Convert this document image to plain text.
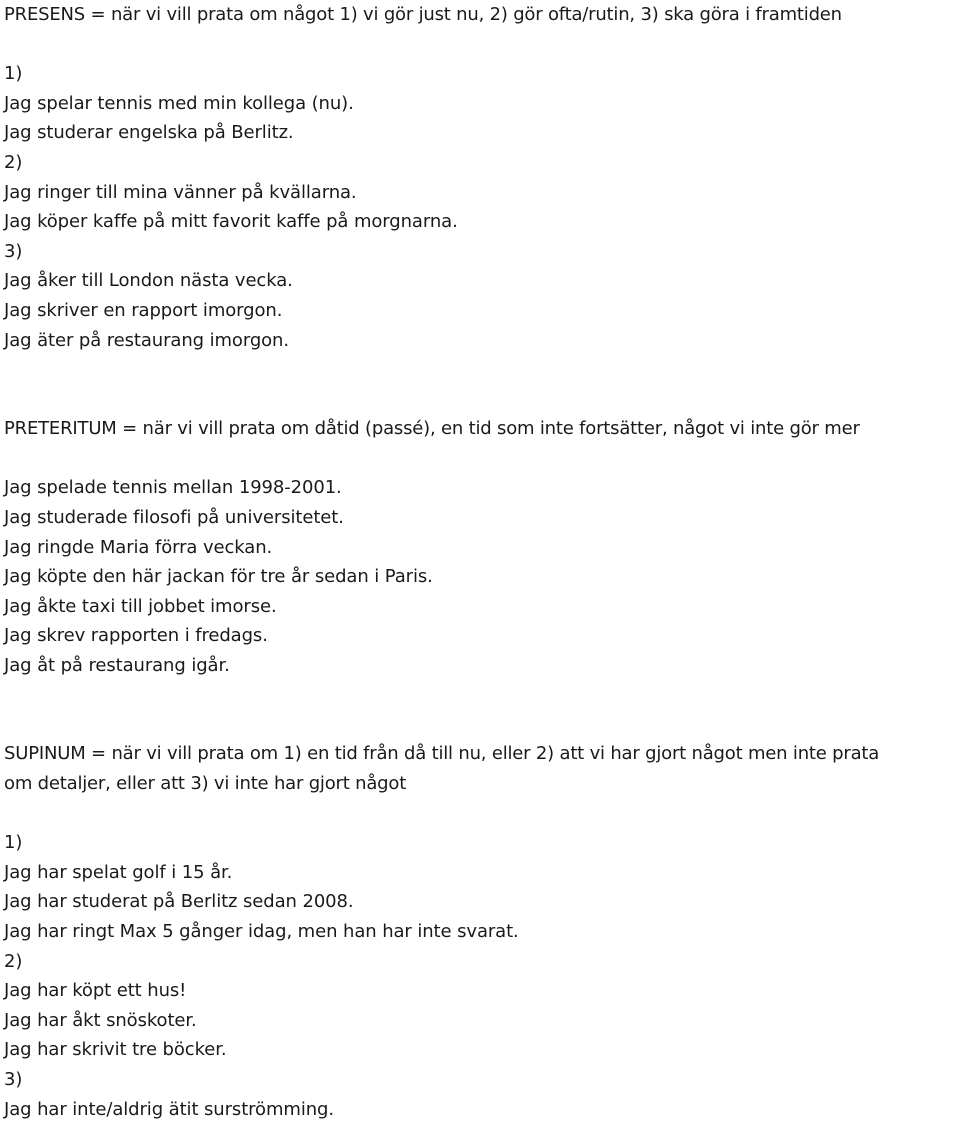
PRESENS = när vi vill prata om något 1) vi gör just nu, 2) gör ofta/rutin, 3) ska göra i framtiden
1)
Jag spelar tennis med min kollega (nu).
Jag studerar engelska på Berlitz.
2)
Jag ringer till mina vänner på kvällarna.
Jag köper kaffe på mitt favorit kaffe på morgnarna.
3)
Jag åker till London nästa vecka.
Jag skriver en rapport imorgon.
Jag äter på restaurang imorgon.
PRETERITUM = när vi vill prata om dåtid (passé), en tid som inte fortsätter, något vi inte gör mer
Jag spelade tennis mellan 1998-2001.
Jag studerade filosofi på universitetet.
Jag ringde Maria förra veckan.
Jag köpte den här jackan för tre år sedan i Paris.
Jag åkte taxi till jobbet imorse.
Jag skrev rapporten i fredags.
Jag åt på restaurang igår.
SUPINUM = när vi vill prata om 1) en tid från då till nu, eller 2) att vi har gjort något men inte prata
om detaljer, eller att 3) vi inte har gjort något
1)
Jag har spelat golf i 15 år.
Jag har studerat på Berlitz sedan 2008.
Jag har ringt Max 5 gånger idag, men han har inte svarat.
2)
Jag har köpt ett hus!
Jag har åkt snöskoter.
Jag har skrivit tre böcker.
3)
Jag har inte/aldrig ätit surströmming.
